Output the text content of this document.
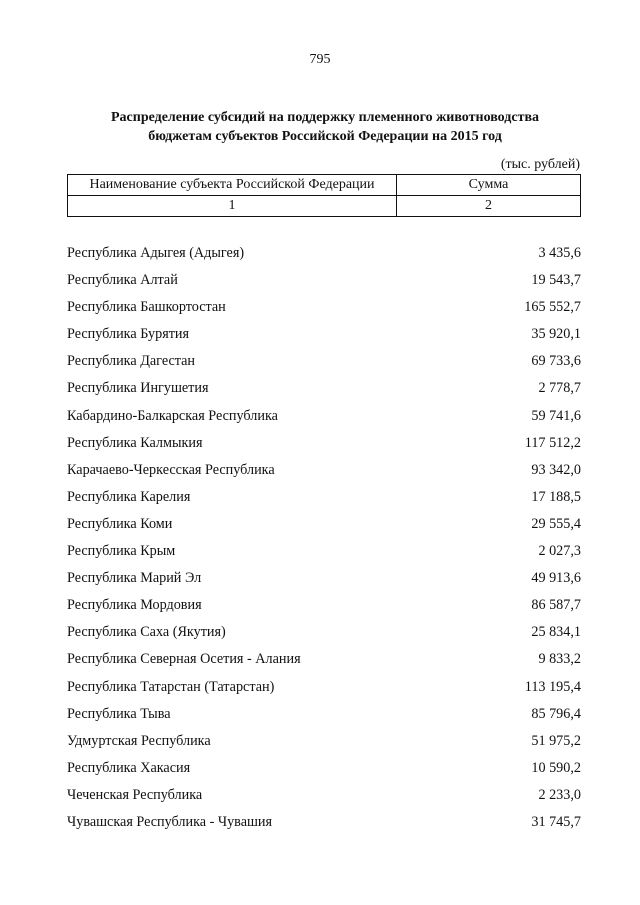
795
Распределение субсидий на поддержку племенного животноводства
бюджетам субъектов Российской Федерации на 2015 год
(тыс. рублей)
Наименование субъекта Российской Федерации	Сумма
1	2
Республика Адыгея (Адыгея)	3 435,6
Республика Алтай	19 543,7
Республика Башкортостан	165 552,7
Республика Бурятия	35 920,1
Республика Дагестан	69 733,6
Республика Ингушетия	2 778,7
Кабардино-Балкарская Республика	59 741,6
Республика Калмыкия	117 512,2
Карачаево-Черкесская Республика	93 342,0
Республика Карелия	17 188,5
Республика Коми	29 555,4
Республика Крым	2 027,3
Республика Марий Эл	49 913,6
Республика Мордовия	86 587,7
Республика Саха (Якутия)	25 834,1
Республика Северная Осетия - Алания	9 833,2
Республика Татарстан (Татарстан)	113 195,4
Республика Тыва	85 796,4
Удмуртская Республика	51 975,2
Республика Хакасия	10 590,2
Чеченская Республика	2 233,0
Чувашская Республика - Чувашия	31 745,7
